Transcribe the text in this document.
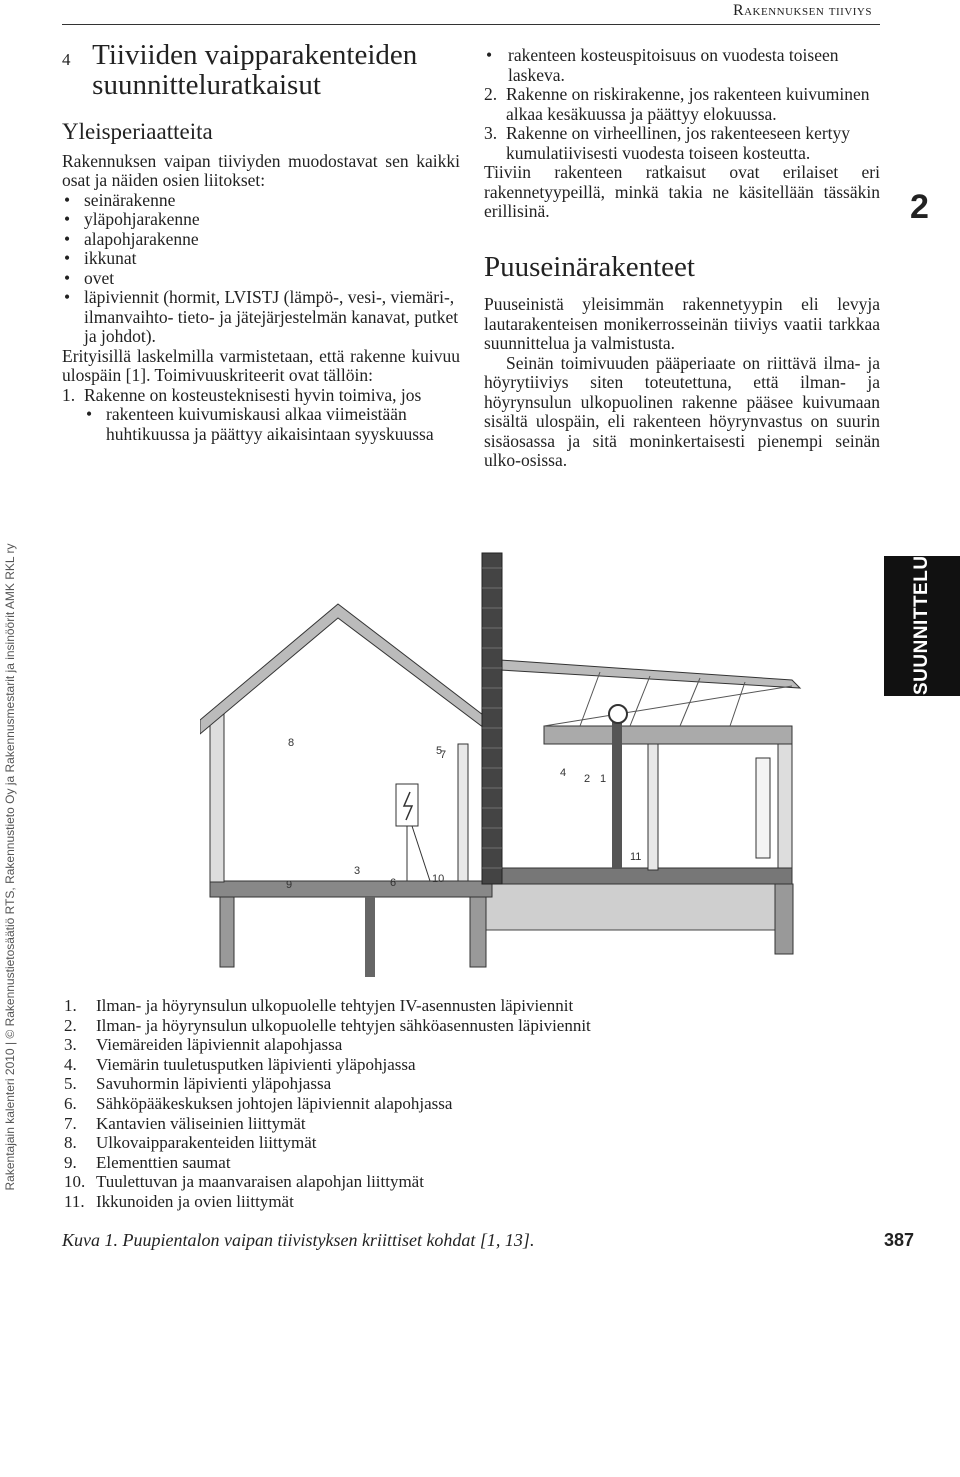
Rakentajain kalenteri 2010 | © Rakennustietosäätiö RTS, Rakennustieto Oy ja Rakennusmestarit ja insinöörit AMK RKL ry
Rakennuksen tiiviys
2
SUUNNITTELU
4 Tiiviiden vaipparakenteiden suunnitteluratkaisut
Yleisperiaatteita

Rakennuksen vaipan tiiviyden muodostavat sen kaikki osat ja näiden osien liitokset:

• seinärakenne
• yläpohjarakenne
• alapohjarakenne
• ikkunat
• ovet
• läpiviennit (hormit, LVISTJ (lämpö-, vesi-, viemäri-, ilmanvaihto- tieto- ja jätejärjestelmän kanavat, putket ja johdot).

Erityisillä laskelmilla varmistetaan, että rakenne kuivuu ulospäin [1]. Toimivuuskriteerit ovat tällöin:

1. Rakenne on kosteusteknisesti hyvin toimiva, jos
• rakenteen kuivumiskausi alkaa viimeistään huhtikuussa ja päättyy aikaisintaan syyskuussa
• rakenteen kosteuspitoisuus on vuodesta toiseen laskeva.
2. Rakenne on riskirakenne, jos rakenteen kuivuminen alkaa kesäkuussa ja päättyy elokuussa.
3. Rakenne on virheellinen, jos rakenteeseen kertyy kumulatiivisesti vuodesta toiseen kosteutta.

Tiiviin rakenteen ratkaisut ovat erilaiset eri rakennetyypeillä, minkä takia ne käsitellään tässäkin erillisinä.

Puuseinärakenteet

Puuseinistä yleisimmän rakennetyypin eli levyja lautarakenteisen monikerrosseinän tiiviys vaatii tarkkaa suunnittelua ja valmistusta.

Seinän toimivuuden pääperiaate on riittävä ilma- ja höyrytiiviys siten toteutettuna, että ilman- ja höyrynsulun ulkopuolinen rakenne pääsee kuivumaan sisältä ulospäin, eli rakenteen höyrynvastus on suurin sisäosassa ja sitä moninkertaisesti pienempi seinän ulko-osissa.

1
2
3
4
5
6
7
8
9	10
11
1. Ilman- ja höyrynsulun ulkopuolelle tehtyjen IV-asennusten läpiviennit
2. Ilman- ja höyrynsulun ulkopuolelle tehtyjen sähköasennusten läpiviennit
3. Viemäreiden läpiviennit alapohjassa
4. Viemärin tuuletusputken läpivienti yläpohjassa
5. Savuhormin läpivienti yläpohjassa
6. Sähköpääkeskuksen johtojen läpiviennit alapohjassa
7. Kantavien väliseinien liittymät
8. Ulkovaipparakenteiden liittymät
9. Elementtien saumat
10. Tuulettuvan ja maanvaraisen alapohjan liittymät
11. Ikkunoiden ja ovien liittymät
Kuva 1. Puupientalon vaipan tiivistyksen kriittiset kohdat [1, 13].	387
